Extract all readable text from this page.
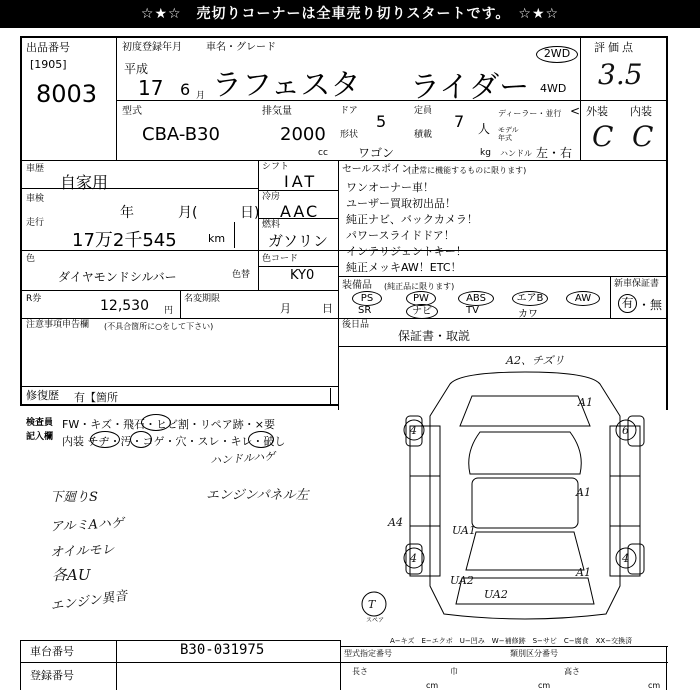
☆★☆　売切りコーナーは全車売り切りスタートです。　☆★☆
出品番号
[1905]
8003
初度登録年月 車名・グレード
平成
17 6 月 ラフェスタ ライダー
2WD
4WD
型式
CBA-B30
排気量
2000
cc
ドア
5
形状
ワゴン
定員
7 人
積載
kg
ディーラー・並行
モデル
年式
ハンドル 左・右
<
評価点
3.5
外装 内装
C C
車歴
自家用
車検
年	月(	日)
走行
17万2千545	km
シフト
IAT
冷房
AAC
燃料
ガソリン
セールスポイント
(正常に機能するものに限ります)
ワンオーナー車！
ユーザー買取初出品！
純正ナビ、バックカメラ！
パワースライドドア！
インテリジェントキー！
純正メッキAW！ETC！
色
ダイヤモンドシルバー	色替
色コード
KY0
R券	12,530 円
名変期限
月	日
装備品 (純正品に限ります)
PS	PW	ABS	エアB	AW
SR	ナビ	TV	カワ
新車保証書
有 ・無
注意事項申告欄 (不具合箇所に○をして下さい)	後日品
保証書・取説
修復歴 有【箇所
検査員
記入欄
FW・キズ・飛石・ヒビ割・リペア跡・×要
内装 チヂ・汚・コゲ・穴・スレ・キレ・破し
ハンドルハゲ
下廻りS
アルミAハゲ
オイルモレ
各AU
エンジン異音
エンジンパネル左
A2、チズリ
A1
4	6
A1
A4
UA1
4	4
UA2
UA2
A1
T
スペア
A−キズ　E−エクボ　U−凹み　W−補修跡　S−サビ　C−腐食　XX−交換済
車台番号	B30-031975
登録番号
型式指定番号	類別区分番号
長さ	巾	高さ
cm	cm	cm
